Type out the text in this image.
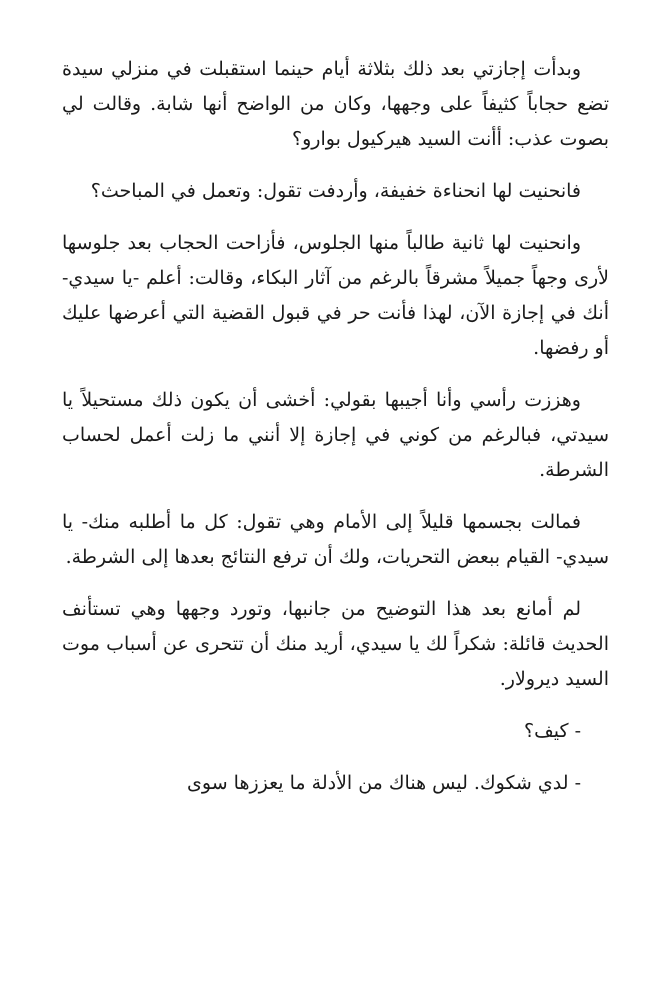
وبدأت إجازتي بعد ذلك بثلاثة أيام حينما استقبلت في منزلي سيدة تضع حجاباً كثيفاً على وجهها، وكان من الواضح أنها شابة. وقالت لي بصوت عذب: أأنت السيد هيركيول بوارو؟

فانحنيت لها انحناءة خفيفة، وأردفت تقول: وتعمل في المباحث؟

وانحنيت لها ثانية طالباً منها الجلوس، فأزاحت الحجاب بعد جلوسها لأرى وجهاً جميلاً مشرقاً بالرغم من آثار البكاء، وقالت: أعلم -يا سيدي- أنك في إجازة الآن، لهذا فأنت حر في قبول القضية التي أعرضها عليك أو رفضها.

وهززت رأسي وأنا أجيبها بقولي: أخشى أن يكون ذلك مستحيلاً يا سيدتي، فبالرغم من كوني في إجازة إلا أنني ما زلت أعمل لحساب الشرطة.

فمالت بجسمها قليلاً إلى الأمام وهي تقول: كل ما أطلبه منك- يا سيدي- القيام ببعض التحريات، ولك أن ترفع النتائج بعدها إلى الشرطة.

لم أمانع بعد هذا التوضيح من جانبها، وتورد وجهها وهي تستأنف الحديث قائلة: شكراً لك يا سيدي، أريد منك أن تتحرى عن أسباب موت السيد ديرولار.

- كيف؟

- لدي شكوك. ليس هناك من الأدلة ما يعززها سوى
